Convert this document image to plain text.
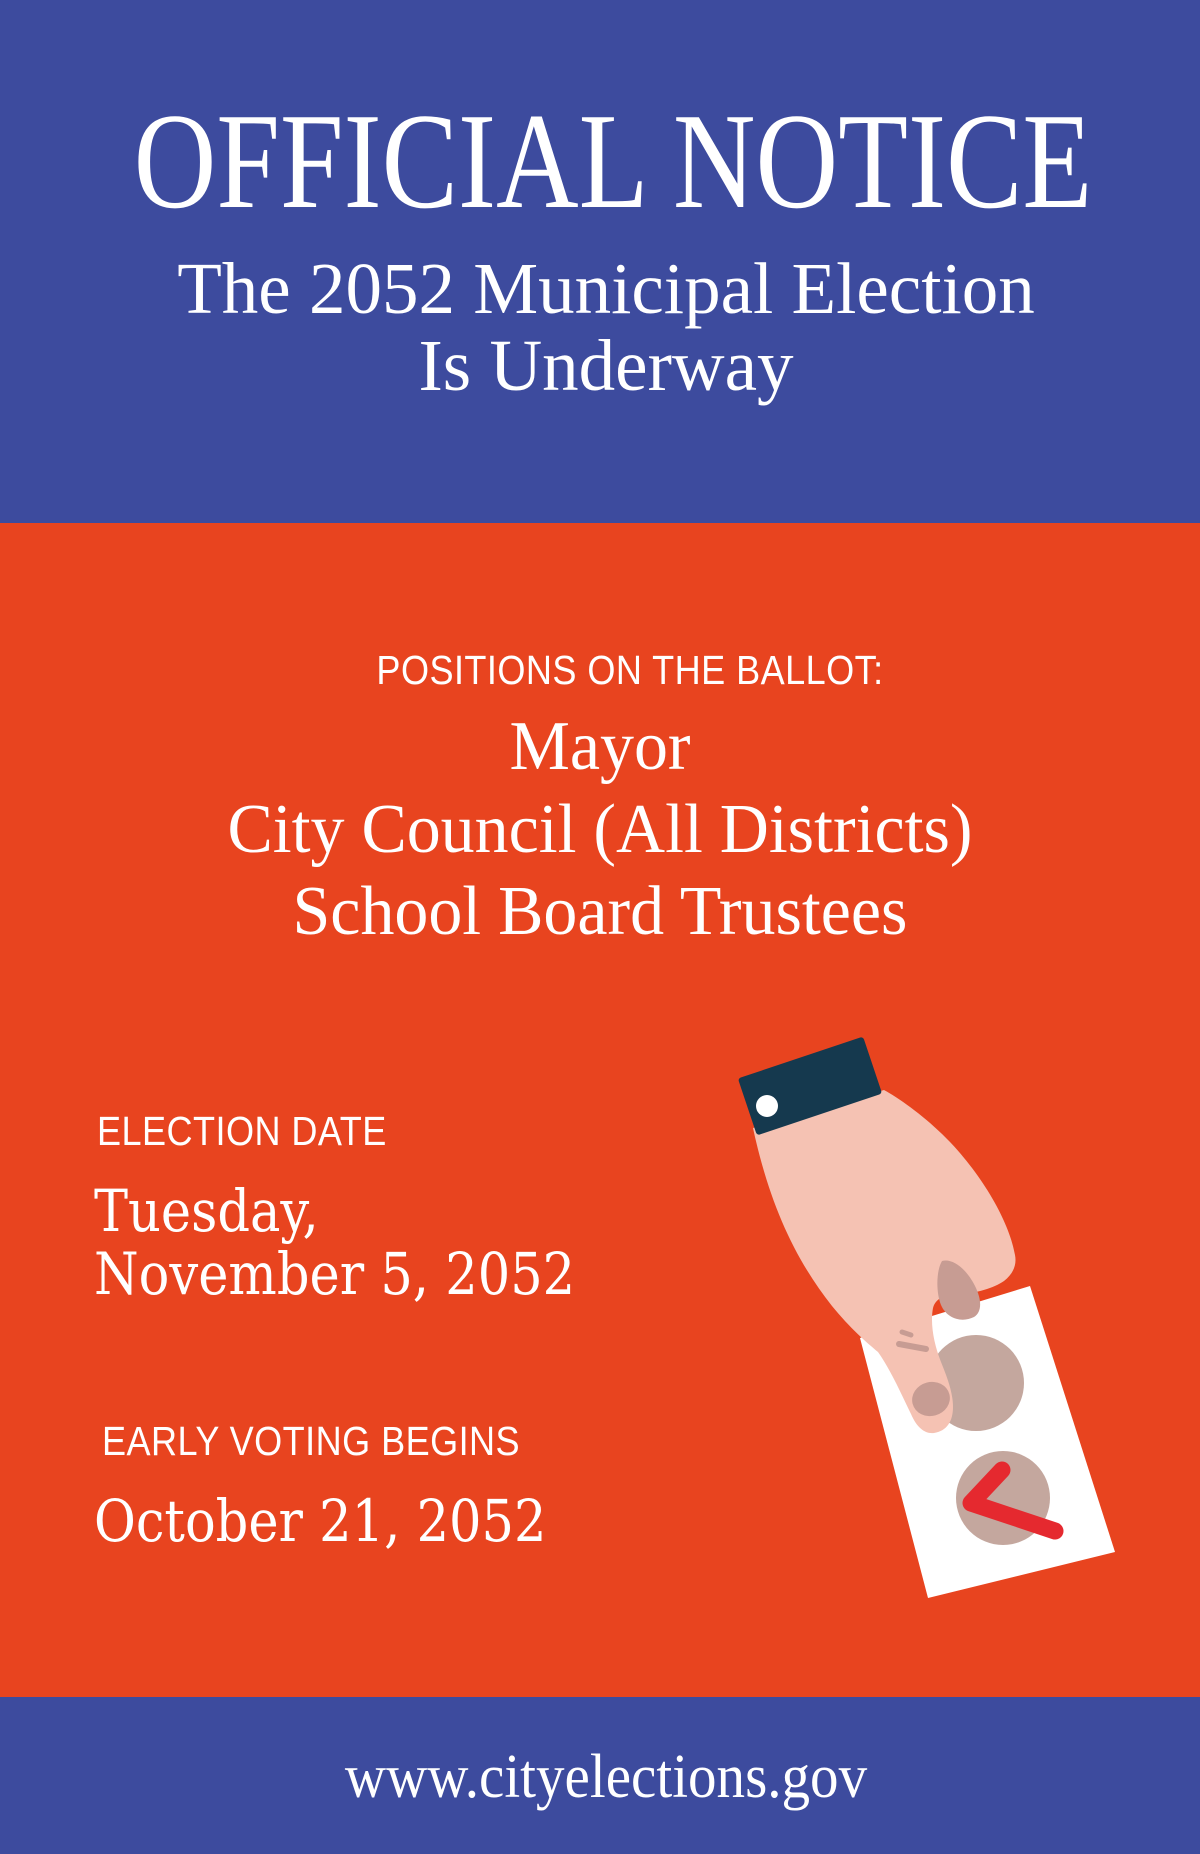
OFFICIAL NOTICE
The 2052 Municipal Election
Is Underway
POSITIONS ON THE BALLOT:
Mayor
City Council (All Districts)
School Board Trustees
ELECTION DATE
Tuesday,
November 5, 2052
EARLY VOTING BEGINS
October 21, 2052
www.cityelections.gov
